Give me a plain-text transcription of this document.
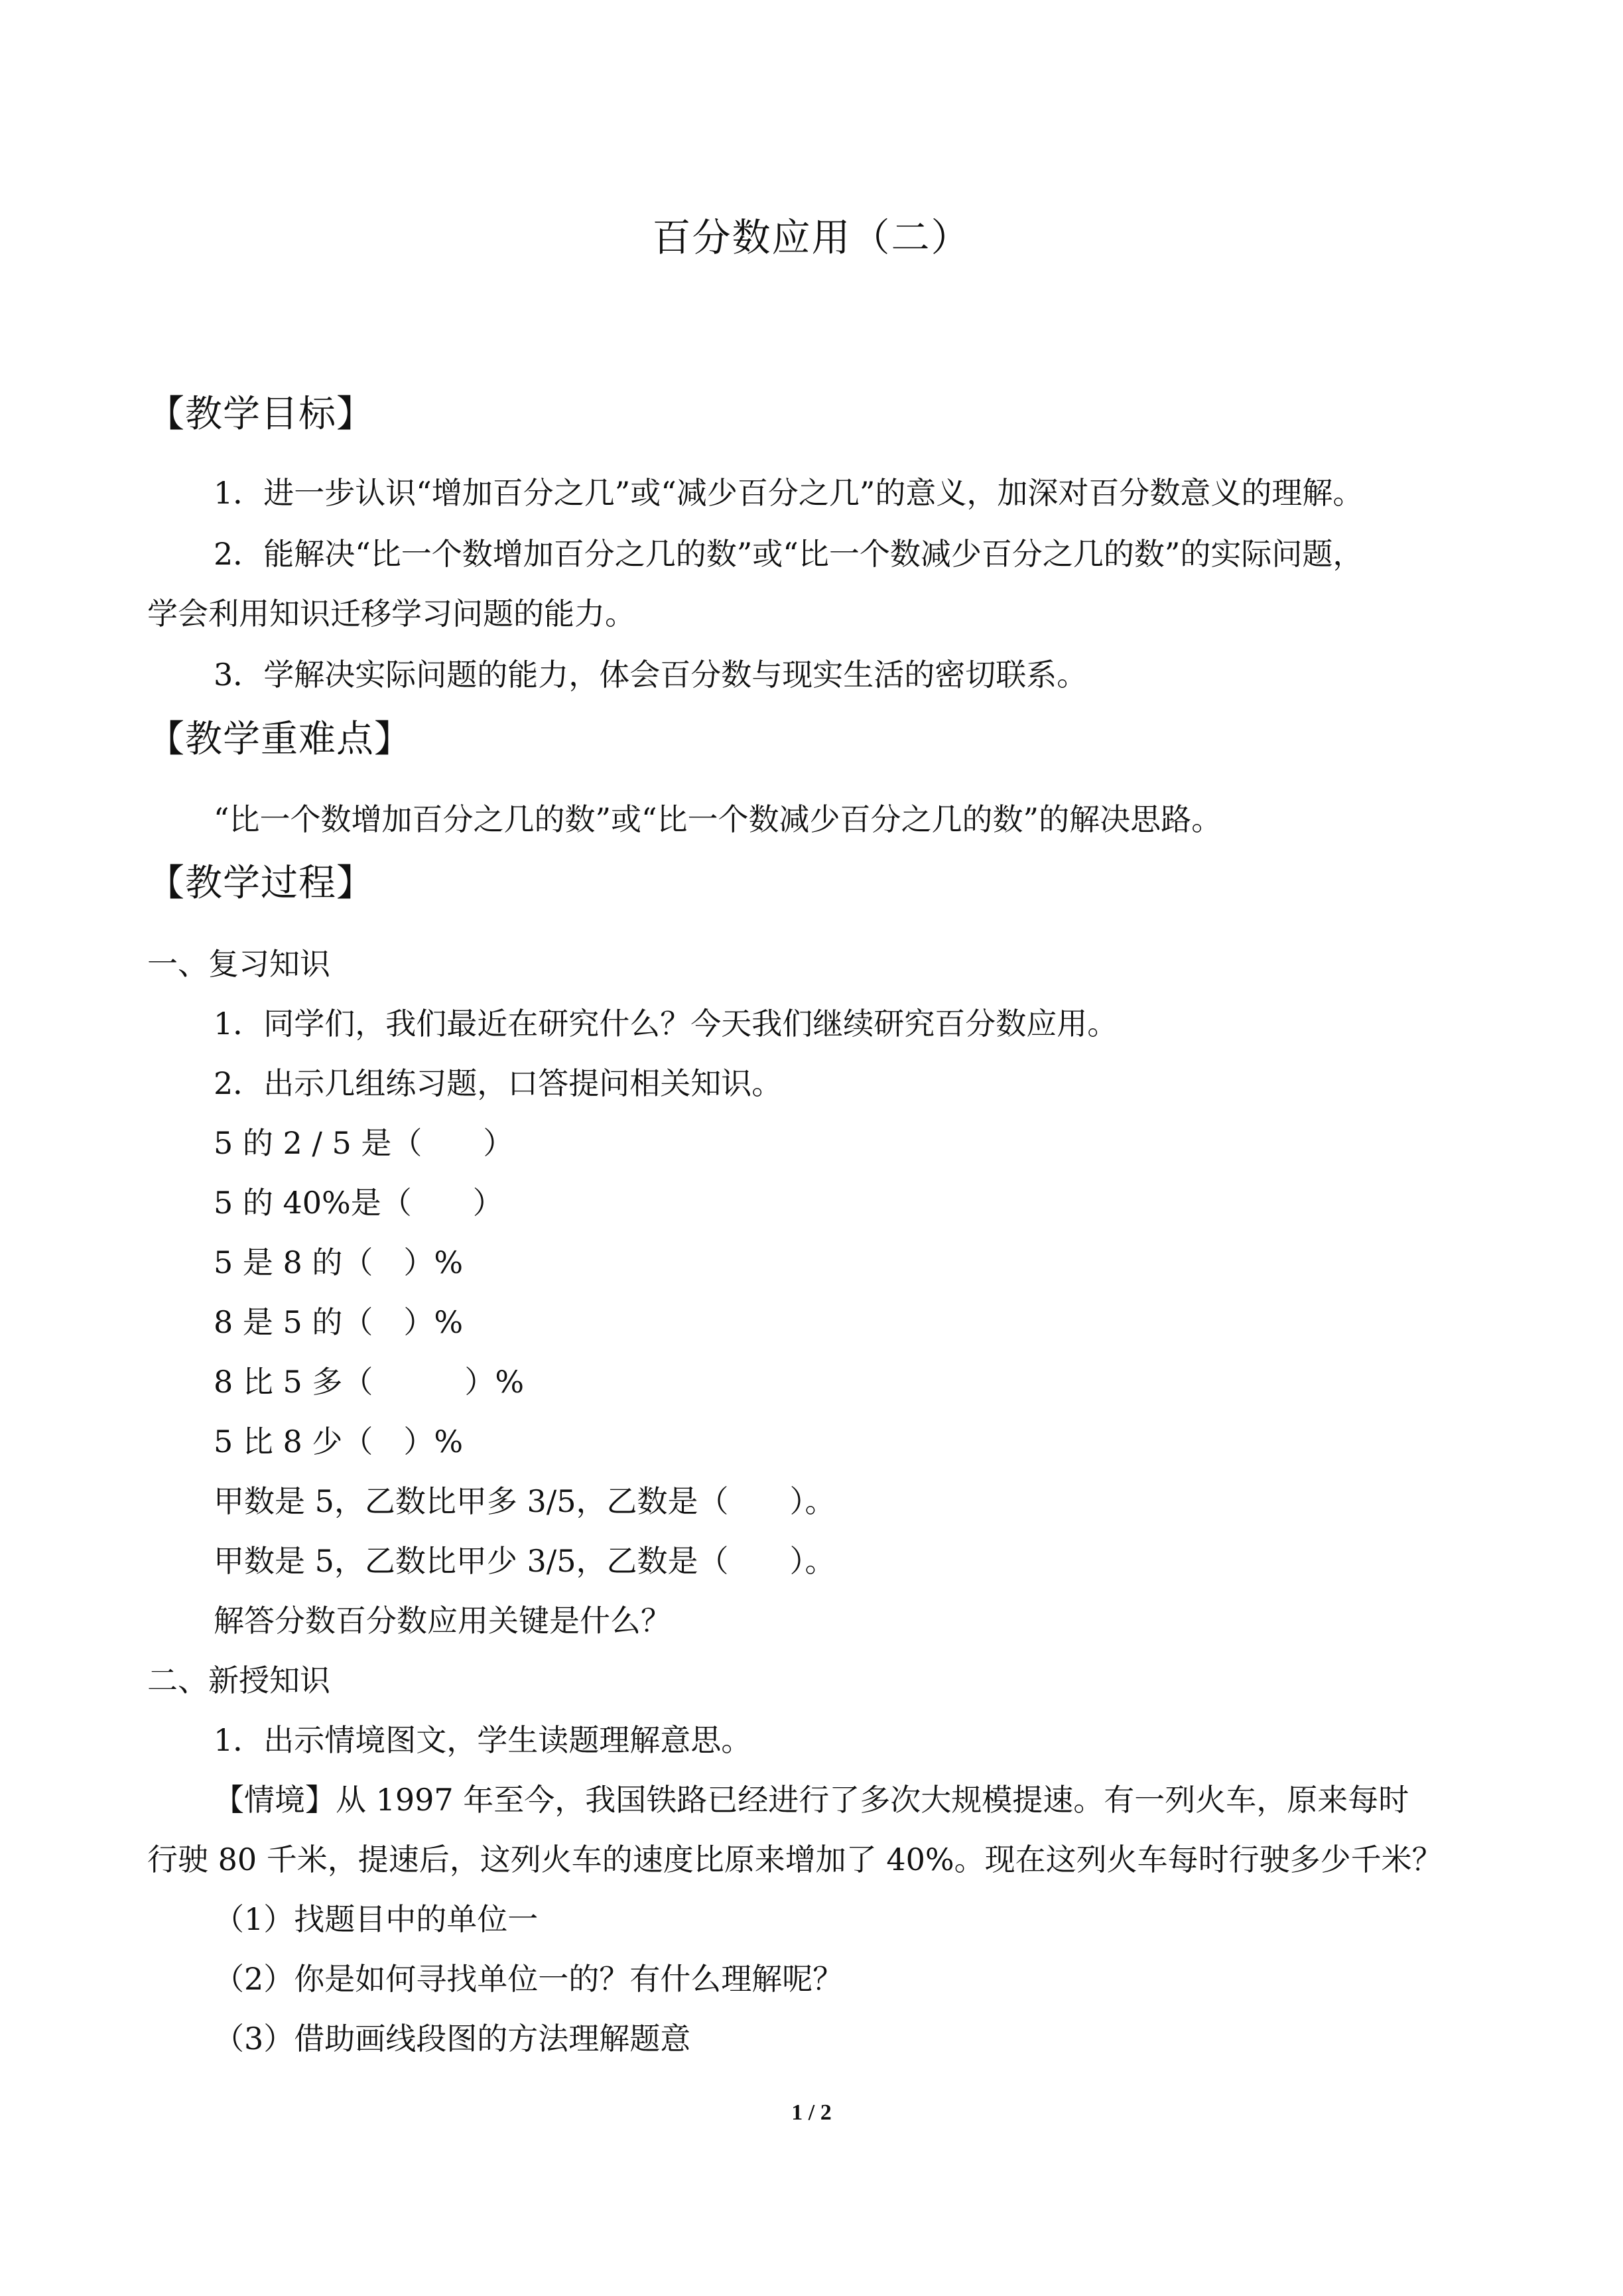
百分数应用（二）
【教学目标】
1．进一步认识“增加百分之几”或“减少百分之几”的意义，加深对百分数意义的理解。
2．能解决“比一个数增加百分之几的数”或“比一个数减少百分之几的数”的实际问题，
学会利用知识迁移学习问题的能力。
3．学解决实际问题的能力，体会百分数与现实生活的密切联系。
【教学重难点】
“比一个数增加百分之几的数”或“比一个数减少百分之几的数”的解决思路。
【教学过程】
一、复习知识
1．同学们，我们最近在研究什么？今天我们继续研究百分数应用。
2．出示几组练习题，口答提问相关知识。
5 的 2 / 5 是（　　）
5 的 40%是（　　）
5 是 8 的（　）%
8 是 5 的（　）%
8 比 5 多（　　　）%
5 比 8 少（　）%
甲数是 5，乙数比甲多 3/5，乙数是（　　）。
甲数是 5，乙数比甲少 3/5，乙数是（　　）。
解答分数百分数应用关键是什么？
二、新授知识
1．出示情境图文，学生读题理解意思。
【情境】从 1997 年至今，我国铁路已经进行了多次大规模提速。有一列火车，原来每时
行驶 80 千米，提速后，这列火车的速度比原来增加了 40%。现在这列火车每时行驶多少千米？
（1）找题目中的单位一
（2）你是如何寻找单位一的？有什么理解呢？
（3）借助画线段图的方法理解题意
1 / 2
